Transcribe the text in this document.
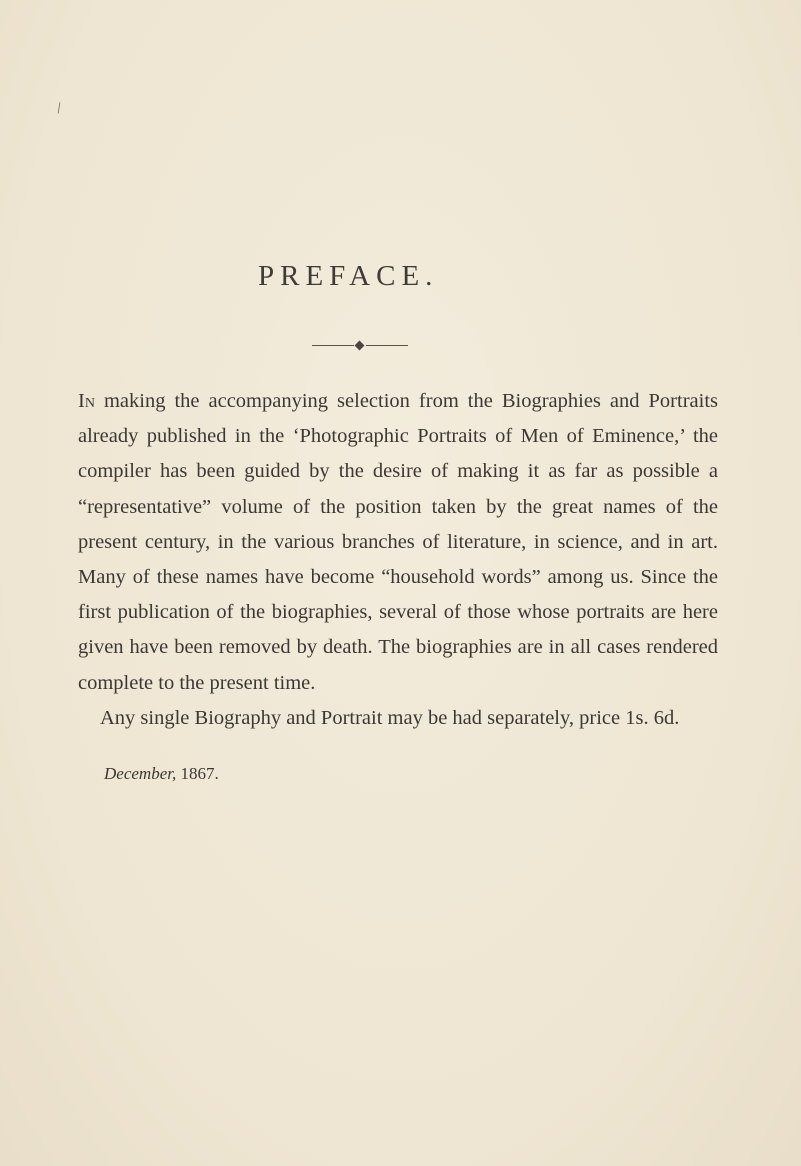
/
PREFACE.

In making the accompanying selection from the Biographies and Portraits already published in the ‘Photographic Portraits of Men of Eminence,’ the compiler has been guided by the desire of making it as far as possible a “representative” volume of the position taken by the great names of the present century, in the various branches of literature, in science, and in art. Many of these names have become “household words” among us. Since the first publication of the biographies, several of those whose portraits are here given have been removed by death. The biographies are in all cases rendered complete to the present time.

Any single Biography and Portrait may be had separately, price 1s. 6d.

December, 1867.
